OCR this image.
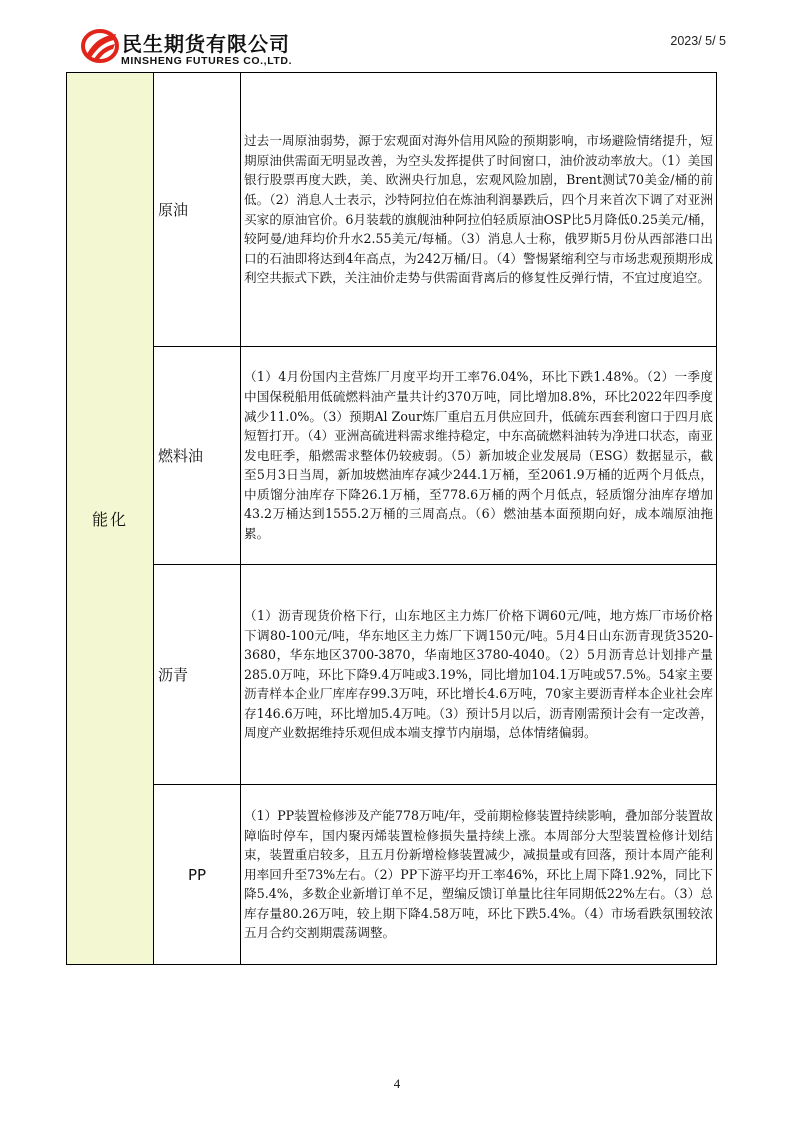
民生期货有限公司
MINSHENG FUTURES CO.,LTD.
2023/ 5/ 5
能化	原油	过去一周原油弱势，源于宏观面对海外信用风险的预期影响，市场避险情绪提升，短期原油供需面无明显改善，为空头发挥提供了时间窗口，油价波动率放大。（1）美国银行股票再度大跌，美、欧洲央行加息，宏观风险加剧，Brent测试70美金/桶的前低。（2）消息人士表示，沙特阿拉伯在炼油利润暴跌后，四个月来首次下调了对亚洲买家的原油官价。6月装载的旗舰油种阿拉伯轻质原油OSP比5月降低0.25美元/桶，较阿曼/迪拜均价升水2.55美元/每桶。（3）消息人士称，俄罗斯5月份从西部港口出口的石油即将达到4年高点，为242万桶/日。（4）警惕紧缩利空与市场悲观预期形成利空共振式下跌，关注油价走势与供需面背离后的修复性反弹行情，不宜过度追空。
	燃料油	（1）4月份国内主营炼厂月度平均开工率76.04%，环比下跌1.48%。（2）一季度中国保税船用低硫燃料油产量共计约370万吨，同比增加8.8%，环比2022年四季度减少11.0%。（3）预期Al Zour炼厂重启五月供应回升，低硫东西套利窗口于四月底短暂打开。（4）亚洲高硫进料需求维持稳定，中东高硫燃料油转为净进口状态，南亚发电旺季，船燃需求整体仍较疲弱。（5）新加坡企业发展局（ESG）数据显示，截至5月3日当周，新加坡燃油库存减少244.1万桶，至2061.9万桶的近两个月低点，中质馏分油库存下降26.1万桶，至778.6万桶的两个月低点，轻质馏分油库存增加43.2万桶达到1555.2万桶的三周高点。（6）燃油基本面预期向好，成本端原油拖累。
	沥青	（1）沥青现货价格下行，山东地区主力炼厂价格下调60元/吨，地方炼厂市场价格下调80-100元/吨，华东地区主力炼厂下调150元/吨。5月4日山东沥青现货3520-3680，华东地区3700-3870，华南地区3780-4040。（2）5月沥青总计划排产量285.0万吨，环比下降9.4万吨或3.19%，同比增加104.1万吨或57.5%。54家主要沥青样本企业厂库库存99.3万吨，环比增长4.6万吨，70家主要沥青样本企业社会库存146.6万吨，环比增加5.4万吨。（3）预计5月以后，沥青刚需预计会有一定改善，周度产业数据维持乐观但成本端支撑节内崩塌，总体情绪偏弱。
	PP	（1）PP装置检修涉及产能778万吨/年，受前期检修装置持续影响，叠加部分装置故障临时停车，国内聚丙烯装置检修损失量持续上涨。本周部分大型装置检修计划结束，装置重启较多，且五月份新增检修装置减少，减损量或有回落，预计本周产能利用率回升至73%左右。（2）PP下游平均开工率46%，环比上周下降1.92%，同比下降5.4%，多数企业新增订单不足，塑编反馈订单量比往年同期低22%左右。（3）总库存量80.26万吨，较上期下降4.58万吨，环比下跌5.4%。（4）市场看跌氛围较浓五月合约交割期震荡调整。
4
